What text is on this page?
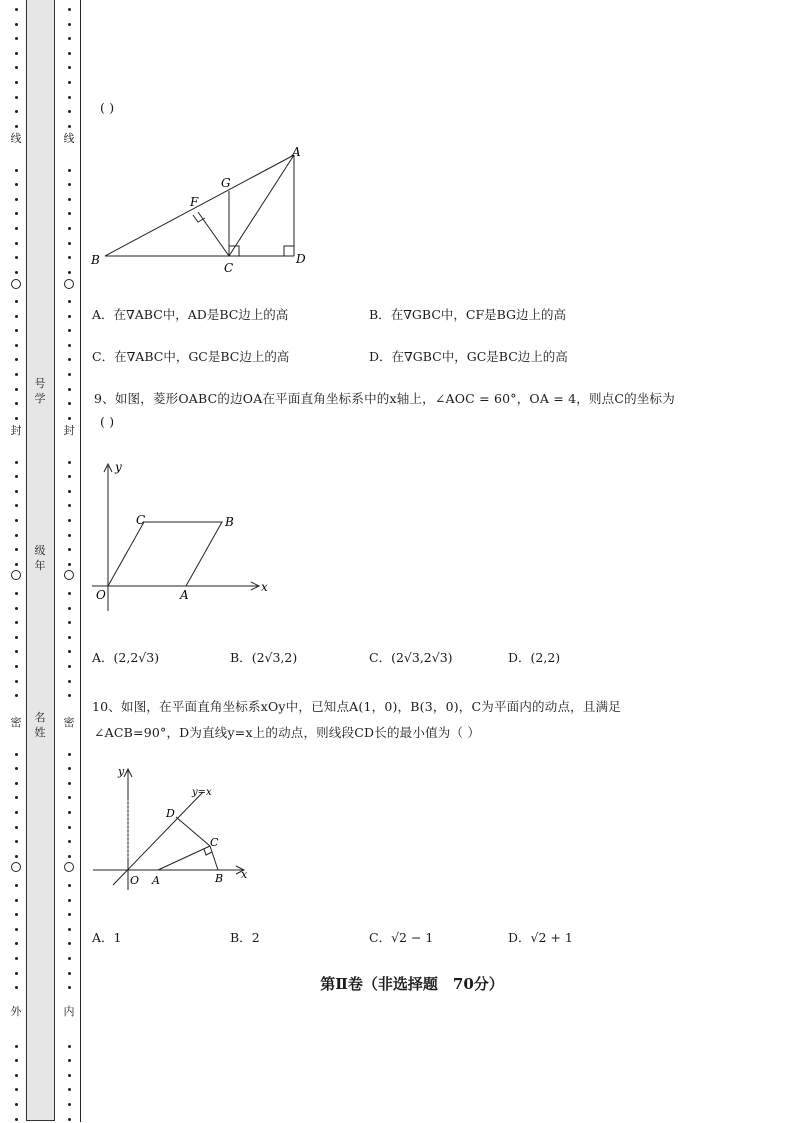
线
封
密
外
线
封
密
内
号
学
级
年
名
姓
( )
A
B
C
D
F
G
A．在∇ABC中，AD是BC边上的高	B．在∇GBC中，CF是BG边上的高
C．在∇ABC中，GC是BC边上的高	D．在∇GBC中，GC是BC边上的高
9、如图，菱形OABC的边OA在平面直角坐标系中的x轴上，∠AOC = 60°，OA = 4，则点C的坐标为
( )
y
x
O	A
B
C
A．(2,2√3)	B．(2√3,2)	C．(2√3,2√3)	D．(2,2)
10、如图，在平面直角坐标系xOy中，已知点A(1，0)，B(3，0)，C为平面内的动点，且满足
∠ACB=90°，D为直线y=x上的动点，则线段CD长的最小值为（ ）
y
x
O A	B
C
D
y=x
A．1	B．2	C．√2 − 1	D．√2 + 1
第Ⅱ卷（非选择题　70分）
